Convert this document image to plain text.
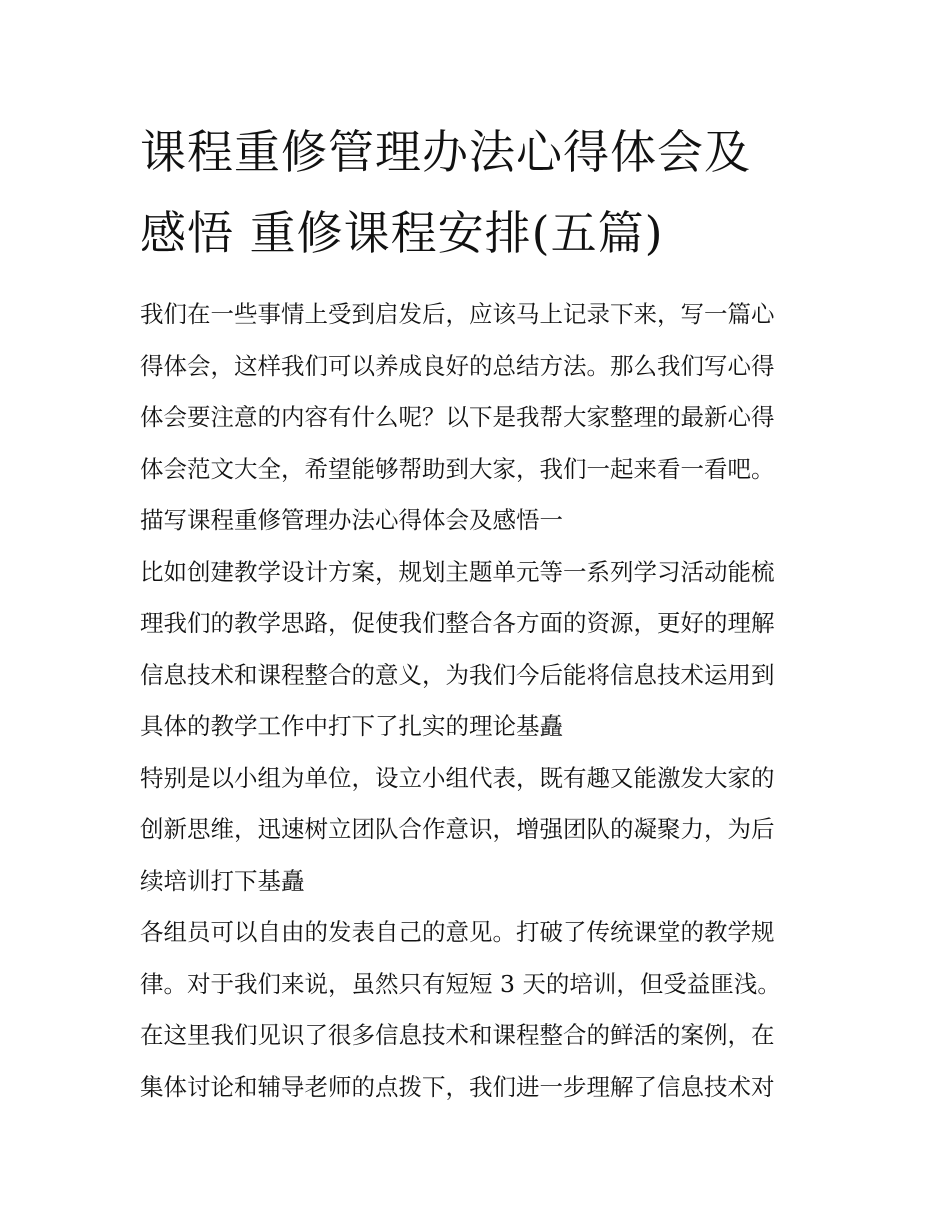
课程重修管理办法心得体会及
感悟 重修课程安排(五篇)
我们在一些事情上受到启发后，应该马上记录下来，写一篇心
得体会，这样我们可以养成良好的总结方法。那么我们写心得
体会要注意的内容有什么呢？以下是我帮大家整理的最新心得
体会范文大全，希望能够帮助到大家，我们一起来看一看吧。
描写课程重修管理办法心得体会及感悟一
比如创建教学设计方案，规划主题单元等一系列学习活动能梳
理我们的教学思路，促使我们整合各方面的资源，更好的理解
信息技术和课程整合的意义，为我们今后能将信息技术运用到
具体的教学工作中打下了扎实的理论基矗
特别是以小组为单位，设立小组代表，既有趣又能激发大家的
创新思维，迅速树立团队合作意识，增强团队的凝聚力，为后
续培训打下基矗
各组员可以自由的发表自己的意见。打破了传统课堂的教学规
律。对于我们来说，虽然只有短短 3 天的培训，但受益匪浅。
在这里我们见识了很多信息技术和课程整合的鲜活的案例，在
集体讨论和辅导老师的点拨下，我们进一步理解了信息技术对
